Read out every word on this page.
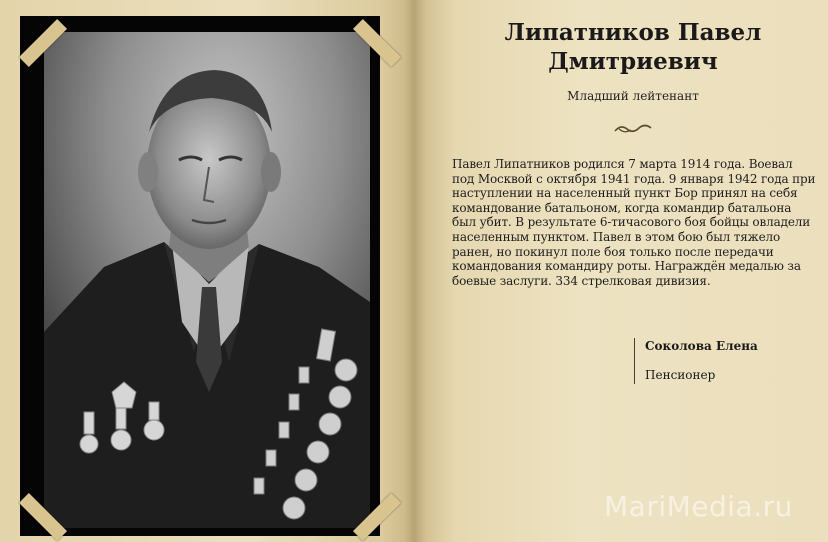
Липатников Павел Дмитриевич
Младший лейтенант

Павел Липатников родился 7 марта 1914 года. Воевал под Москвой с октября 1941 года. 9 января 1942 года при наступлении на населенный пункт Бор принял на себя командование батальоном, когда командир батальона был убит. В результате 6-тичасового боя бойцы овладели населенным пунктом. Павел в этом бою был тяжело ранен, но покинул поле боя только после передачи командования командиру роты. Награждён медалью за боевые заслуги. 334 стрелковая дивизия.

Соколова Елена
Пенсионер
MariMedia.ru
